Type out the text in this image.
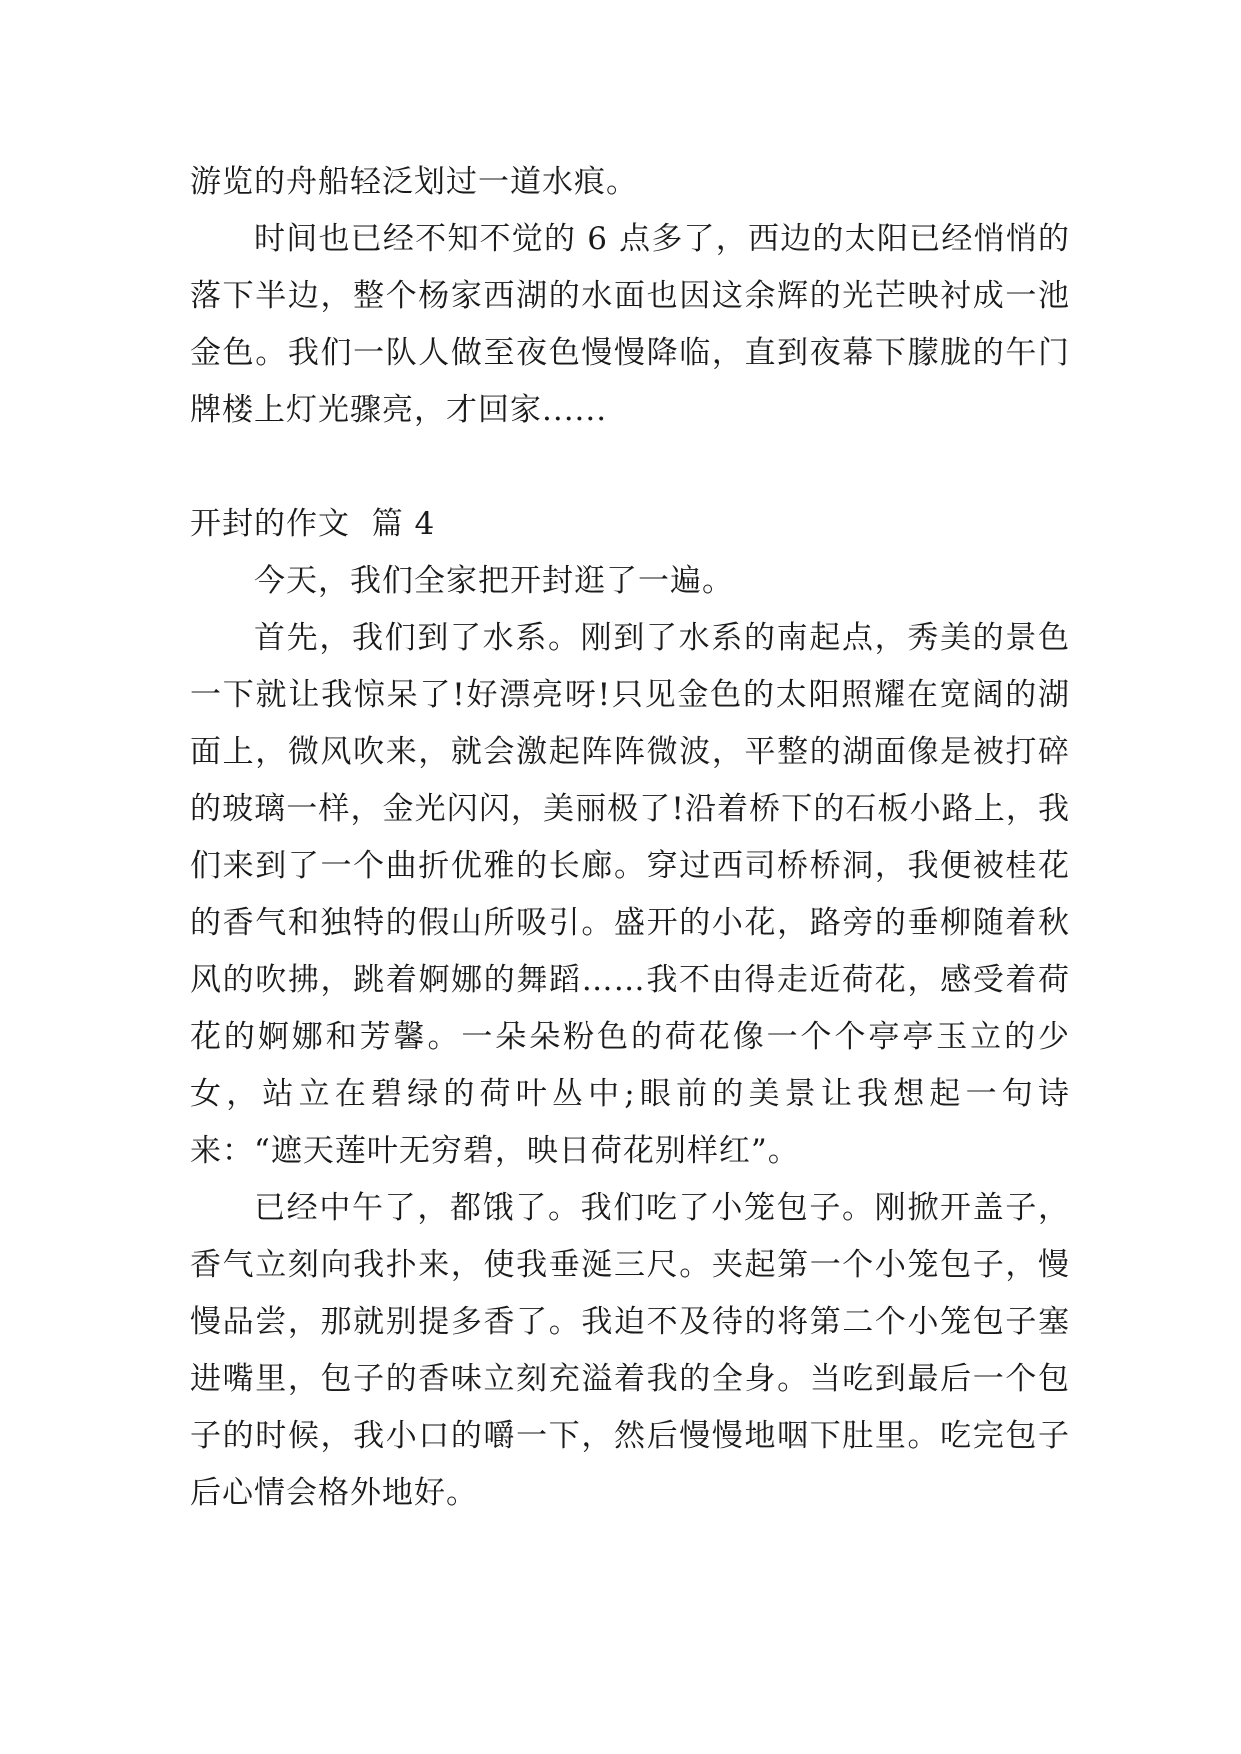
游览的舟船轻泛划过一道水痕。

时间也已经不知不觉的 6 点多了，西边的太阳已经悄悄的落下半边，整个杨家西湖的水面也因这余辉的光芒映衬成一池金色。我们一队人做至夜色慢慢降临，直到夜幕下朦胧的午门牌楼上灯光骤亮，才回家......

开封的作文  篇 4

今天，我们全家把开封逛了一遍。

首先，我们到了水系。刚到了水系的南起点，秀美的景色一下就让我惊呆了!好漂亮呀!只见金色的太阳照耀在宽阔的湖面上，微风吹来，就会激起阵阵微波，平整的湖面像是被打碎的玻璃一样，金光闪闪，美丽极了!沿着桥下的石板小路上，我们来到了一个曲折优雅的长廊。穿过西司桥桥洞，我便被桂花的香气和独特的假山所吸引。盛开的小花，路旁的垂柳随着秋风的吹拂，跳着婀娜的舞蹈……我不由得走近荷花，感受着荷花的婀娜和芳馨。一朵朵粉色的荷花像一个个亭亭玉立的少女，站立在碧绿的荷叶丛中;眼前的美景让我想起一句诗来：“遮天莲叶无穷碧，映日荷花别样红”。

已经中午了，都饿了。我们吃了小笼包子。刚掀开盖子，香气立刻向我扑来，使我垂涎三尺。夹起第一个小笼包子，慢慢品尝，那就别提多香了。我迫不及待的将第二个小笼包子塞进嘴里，包子的香味立刻充溢着我的全身。当吃到最后一个包子的时候，我小口的嚼一下，然后慢慢地咽下肚里。吃完包子后心情会格外地好。
